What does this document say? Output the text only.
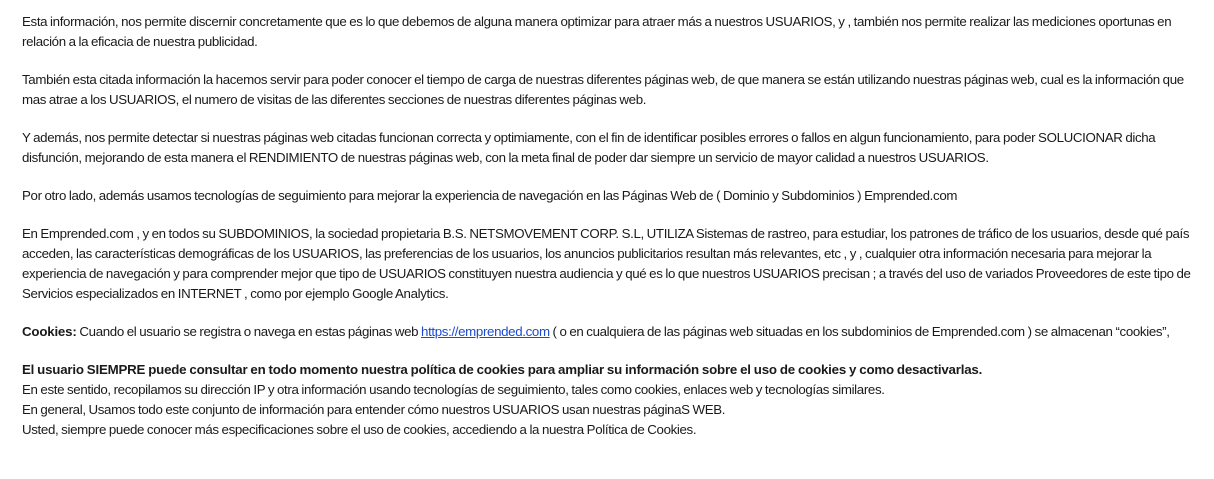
Esta información, nos permite discernir concretamente que es lo que debemos de alguna manera optimizar para atraer más a nuestros USUARIOS, y , también nos permite realizar las mediciones oportunas en relación a la eficacia de nuestra publicidad.

También esta citada información la hacemos servir para poder conocer el tiempo de carga de nuestras diferentes páginas web, de que manera se están utilizando nuestras páginas web, cual es la información que mas atrae a los USUARIOS, el numero de visitas de las diferentes secciones de nuestras diferentes páginas web.

Y además, nos permite detectar si nuestras páginas web citadas funcionan correcta y optimiamente, con el fin de identificar posibles errores o fallos en algun funcionamiento, para poder SOLUCIONAR dicha disfunción, mejorando de esta manera el RENDIMIENTO de nuestras páginas web, con la meta final de poder dar siempre un servicio de mayor calidad a nuestros USUARIOS.

Por otro lado, además usamos tecnologías de seguimiento para mejorar la experiencia de navegación en las Páginas Web de ( Dominio y Subdominios ) Emprended.com

En Emprended.com , y en todos su SUBDOMINIOS, la sociedad propietaria B.S. NETSMOVEMENT CORP. S.L, UTILIZA Sistemas de rastreo, para estudiar, los patrones de tráfico de los usuarios, desde qué país acceden, las características demográficas de los USUARIOS, las preferencias de los usuarios, los anuncios publicitarios resultan más relevantes, etc , y , cualquier otra información necesaria para mejorar la experiencia de navegación y para comprender mejor que tipo de USUARIOS constituyen nuestra audiencia y qué es lo que nuestros USUARIOS precisan ; a través del uso de variados Proveedores de este tipo de Servicios especializados en INTERNET , como por ejemplo Google Analytics.

Cookies: Cuando el usuario se registra o navega en estas páginas web https://emprended.com ( o en cualquiera de las páginas web situadas en los subdominios de Emprended.com ) se almacenan “cookies”,

El usuario SIEMPRE puede consultar en todo momento nuestra política de cookies para ampliar su información sobre el uso de cookies y como desactivarlas.

En este sentido, recopilamos su dirección IP y otra información usando tecnologías de seguimiento, tales como cookies, enlaces web y tecnologías similares.

En general, Usamos todo este conjunto de información para entender cómo nuestros USUARIOS usan nuestras páginaS WEB.

Usted, siempre puede conocer más especificaciones sobre el uso de cookies, accediendo a la nuestra Política de Cookies.
